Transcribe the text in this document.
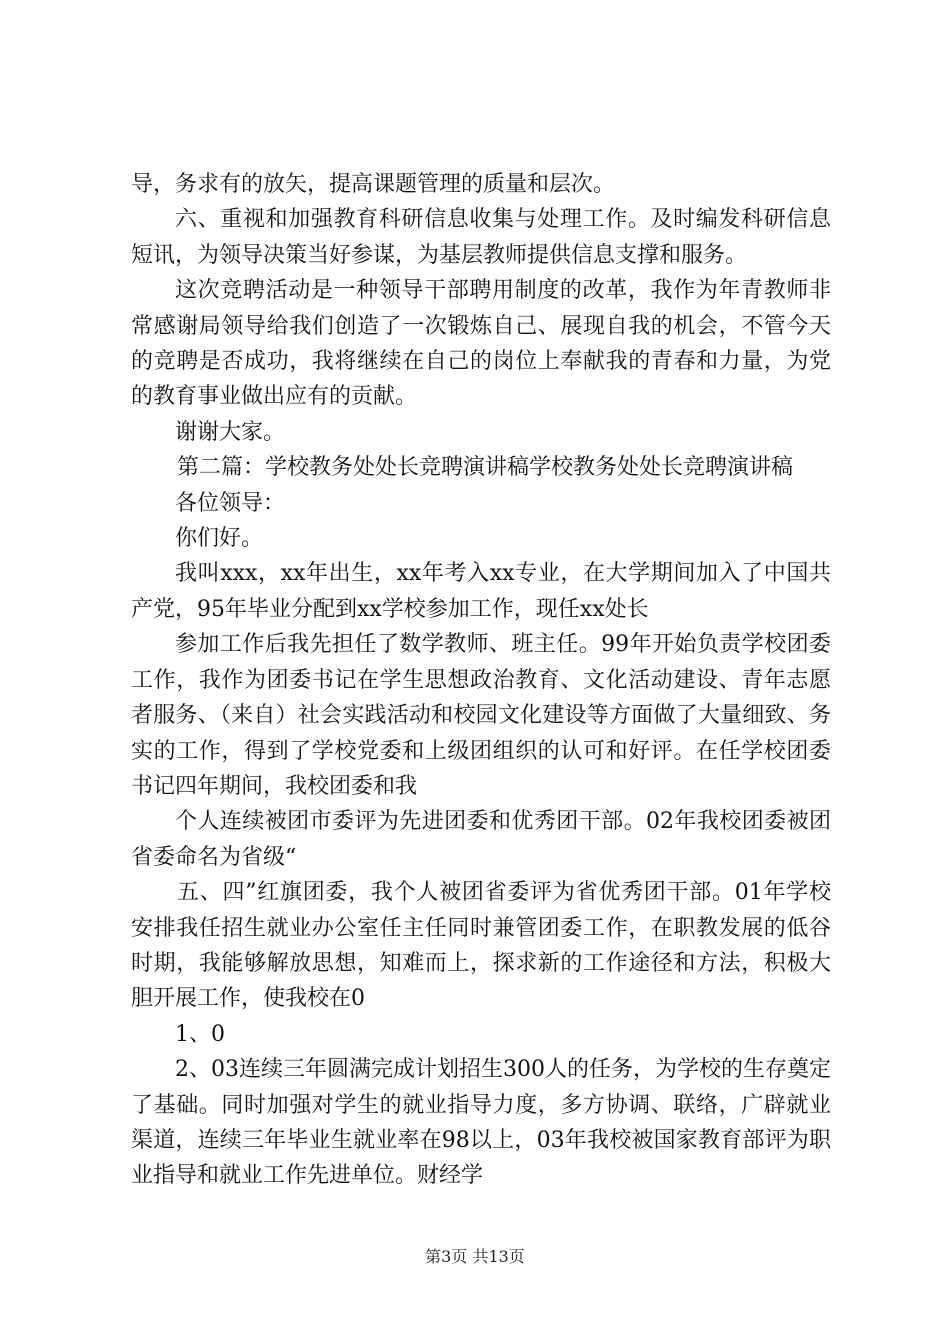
导，务求有的放矢，提高课题管理的质量和层次。

六、重视和加强教育科研信息收集与处理工作。及时编发科研信息短讯，为领导决策当好参谋，为基层教师提供信息支撑和服务。

这次竞聘活动是一种领导干部聘用制度的改革，我作为年青教师非常感谢局领导给我们创造了一次锻炼自己、展现自我的机会，不管今天的竞聘是否成功，我将继续在自己的岗位上奉献我的青春和力量，为党的教育事业做出应有的贡献。

谢谢大家。

第二篇：学校教务处处长竞聘演讲稿学校教务处处长竞聘演讲稿

各位领导：

你们好。

我叫xxx，xx年出生，xx年考入xx专业，在大学期间加入了中国共产党，95年毕业分配到xx学校参加工作，现任xx处长

参加工作后我先担任了数学教师、班主任。99年开始负责学校团委工作，我作为团委书记在学生思想政治教育、文化活动建设、青年志愿者服务、（来自）社会实践活动和校园文化建设等方面做了大量细致、务实的工作，得到了学校党委和上级团组织的认可和好评。在任学校团委书记四年期间，我校团委和我

个人连续被团市委评为先进团委和优秀团干部。02年我校团委被团省委命名为省级“

五、四”红旗团委，我个人被团省委评为省优秀团干部。01年学校安排我任招生就业办公室任主任同时兼管团委工作，在职教发展的低谷时期，我能够解放思想，知难而上，探求新的工作途径和方法，积极大胆开展工作，使我校在0

1、0

2、03连续三年圆满完成计划招生300人的任务，为学校的生存奠定了基础。同时加强对学生的就业指导力度，多方协调、联络，广辟就业渠道，连续三年毕业生就业率在98以上，03年我校被国家教育部评为职业指导和就业工作先进单位。财经学

第3页 共13页
